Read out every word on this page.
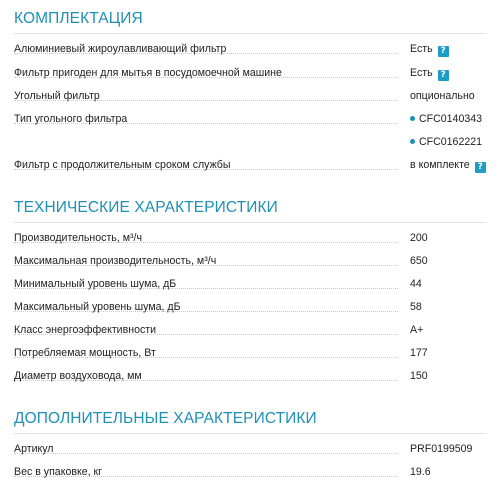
КОМПЛЕКТАЦИЯ
Алюминиевый жироулавливающий фильтр	Есть ?
Фильтр пригоден для мытья в посудомоечной машине	Есть ?
Угольный фильтр	опционально
Тип угольного фильтра	CFC0140343
CFC0162221
Фильтр с продолжительным сроком службы	в комплекте ?
ТЕХНИЧЕСКИЕ ХАРАКТЕРИСТИКИ
Производительность, м³/ч	200
Максимальная производительность, м³/ч	650
Минимальный уровень шума, дБ	44
Максимальный уровень шума, дБ	58
Класс энергоэффективности	A+
Потребляемая мощность, Вт	177
Диаметр воздуховода, мм	150
ДОПОЛНИТЕЛЬНЫЕ ХАРАКТЕРИСТИКИ
Артикул	PRF0199509
Вес в упаковке, кг	19.6
